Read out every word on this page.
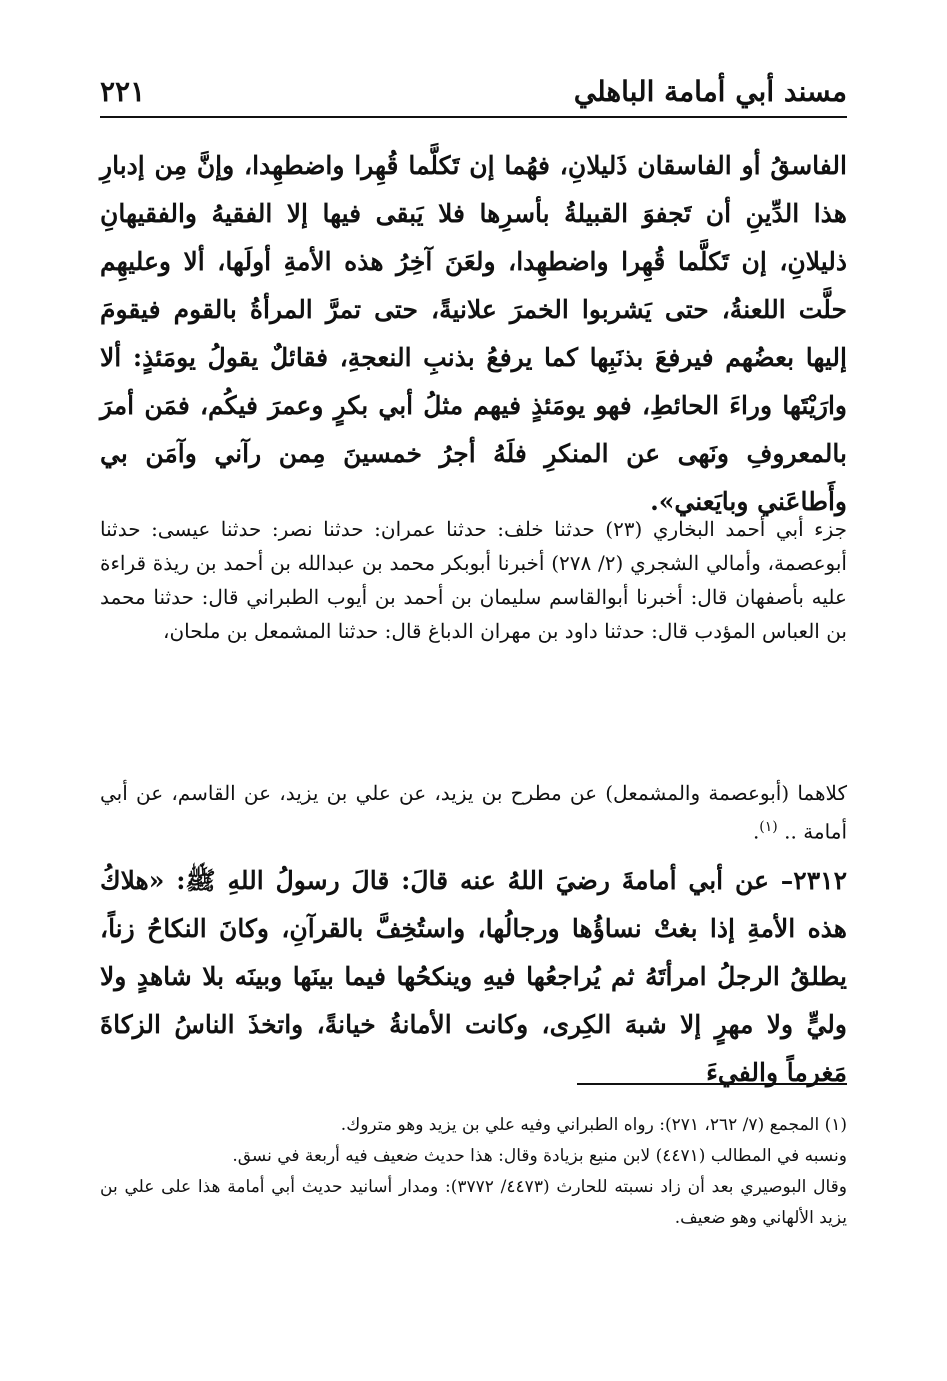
مسند أبي أمامة الباهلي
٢٢١
الفاسقُ أو الفاسقان ذَليلانِ، فهُما إن تَكلَّما قُهِرا واضطهِدا، وإنَّ مِن إدبارِ هذا الدِّينِ أن تَجفوَ القبيلةُ بأسرِها فلا يَبقى فيها إلا الفقيهُ والفقيهانِ ذليلانِ، إن تَكلَّما قُهِرا واضطهِدا، ولعَنَ آخِرُ هذه الأمةِ أولَها، ألا وعليهِم حلَّت اللعنةُ، حتى يَشربوا الخمرَ علانيةً، حتى تمرَّ المرأةُ بالقوم فيقومَ إليها بعضُهم فيرفعَ بذنَبِها كما يرفعُ بذنبِ النعجةِ، فقائلٌ يقولُ يومَئذٍ: ألا وارَيْتَها وراءَ الحائطِ، فهو يومَئذٍ فيهم مثلُ أبي بكرٍ وعمرَ فيكُم، فمَن أمرَ بالمعروفِ ونَهى عن المنكرِ فلَهُ أجرُ خمسينَ مِمن رآني وآمَن بي وأَطاعَني وبايَعني».
جزء أبي أحمد البخاري (٢٣) حدثنا خلف: حدثنا عمران: حدثنا نصر: حدثنا عيسى: حدثنا أبوعصمة، وأمالي الشجري (٢/ ٢٧٨) أخبرنا أبوبكر محمد بن عبدالله بن أحمد بن ريذة قراءة عليه بأصفهان قال: أخبرنا أبوالقاسم سليمان بن أحمد بن أيوب الطبراني قال: حدثنا محمد بن العباس المؤدب قال: حدثنا داود بن مهران الدباغ قال: حدثنا المشمعل بن ملحان،
كلاهما (أبوعصمة والمشمعل) عن مطرح بن يزيد، عن علي بن يزيد، عن القاسم، عن أبي أمامة .. $^{(١)}$.
٢٣١٢– عن أبي أمامةَ رضيَ اللهُ عنه قالَ: قالَ رسولُ اللهِ ﷺ: «هلاكُ هذه الأمةِ إذا بغتْ نساؤُها ورجالُها، واستُخِفَّ بالقرآنِ، وكانَ النكاحُ زناً، يطلقُ الرجلُ امرأتَهُ ثم يُراجعُها فيهِ وينكحُها فيما بينَها وبينَه بلا شاهدٍ ولا وليٍّ ولا مهرٍ إلا شبهَ الكِرى، وكانت الأمانةُ خيانةً، واتخذَ الناسُ الزكاةَ مَغرماً والفيءَ

(١) المجمع (٧/ ٢٦٢، ٢٧١): رواه الطبراني وفيه علي بن يزيد وهو متروك.

ونسبه في المطالب (٤٤٧١) لابن منيع بزيادة وقال: هذا حديث ضعيف فيه أربعة في نسق.

وقال البوصيري بعد أن زاد نسبته للحارث (٤٤٧٣/ ٣٧٧٢): ومدار أسانيد حديث أبي أمامة هذا على علي بن يزيد الألهاني وهو ضعيف.
